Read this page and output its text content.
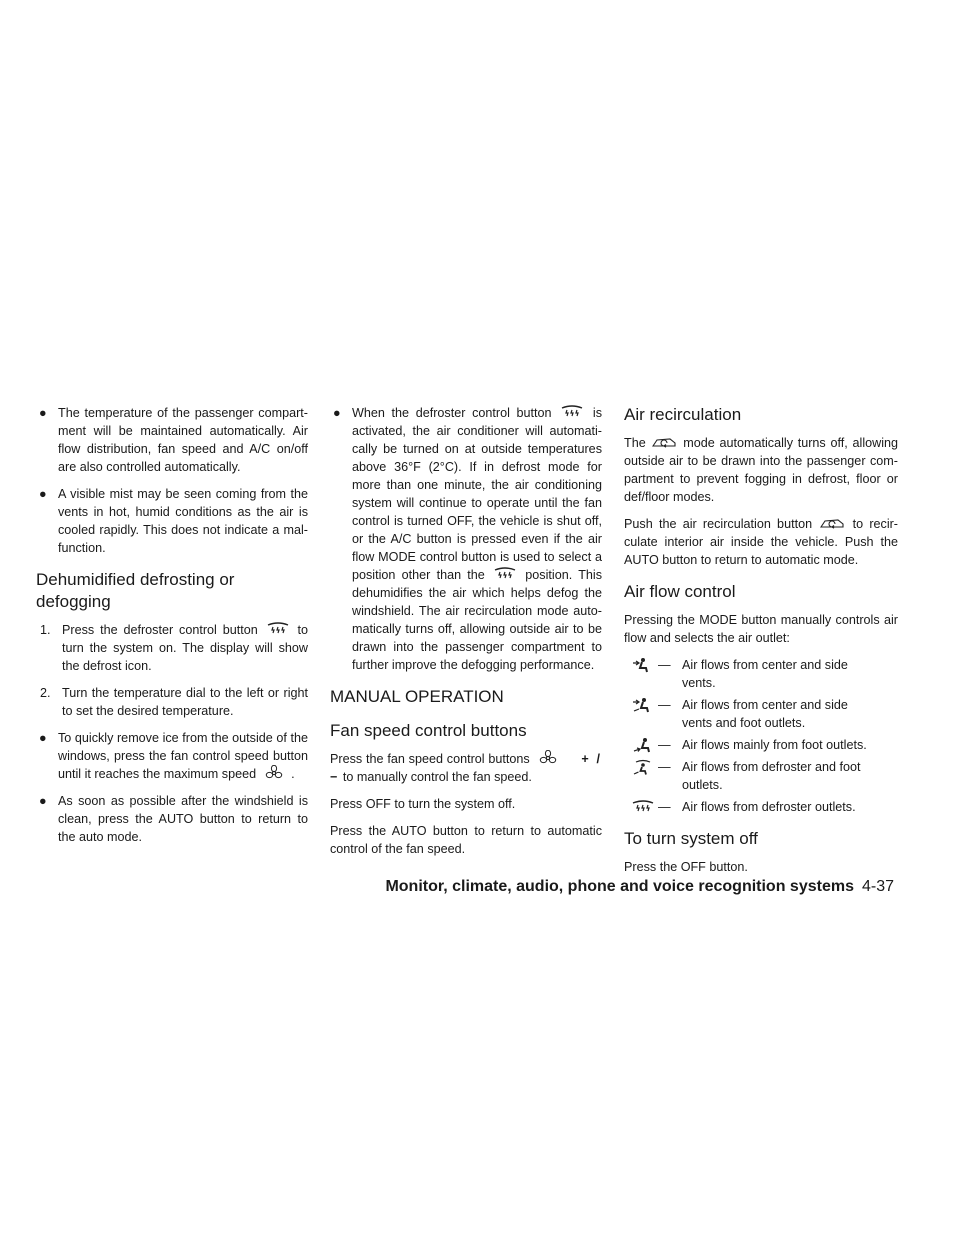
● The temperature of the passenger compart-ment will be maintained automatically. Air flow distribution, fan speed and A/C on/off are also controlled automatically.
● A visible mist may be seen coming from the vents in hot, humid conditions as the air is cooled rapidly. This does not indicate a mal-function.
Dehumidified defrosting or defogging
1. Press the defroster control button	to turn the system on. The display will show the defrost icon.
2. Turn the temperature dial to the left or right to set the desired temperature.
● To quickly remove ice from the outside of the windows, press the fan control speed button until it reaches the maximum speed	.
● As soon as possible after the windshield is clean, press the AUTO button to return to the auto mode.
● When the defroster control button	is activated, the air conditioner will automati-cally be turned on at outside temperatures above 36°F (2°C). If in defrost mode for more than one minute, the air conditioning system will continue to operate until the fan control is turned OFF, the vehicle is shut off, or the A/C button is pressed even if the air flow MODE control button is used to select a position other than the	position. This dehumidifies the air which helps defog the windshield. The air recirculation mode auto-matically turns off, allowing outside air to be drawn into the passenger compartment to further improve the defogging performance.
MANUAL OPERATION
Fan speed control buttons

Press the fan speed control buttons	+ / − to manually control the fan speed.

Press OFF to turn the system off.

Press the AUTO button to return to automatic control of the fan speed.

Air recirculation

The	mode automatically turns off, allowing outside air to be drawn into the passenger com-partment to prevent fogging in defrost, floor or def/floor modes.

Push the air recirculation button	to recir-culate interior air inside the vehicle. Push the AUTO button to return to automatic mode.

Air flow control

Pressing the MODE button manually controls air flow and selects the air outlet:

— Air flows from center and side
vents.
— Air flows from center and side
vents and foot outlets.
— Air flows mainly from foot outlets.
— Air flows from defroster and foot
outlets.
— Air flows from defroster outlets.
To turn system off

Press the OFF button.

Monitor, climate, audio, phone and voice recognition systems 4-37
